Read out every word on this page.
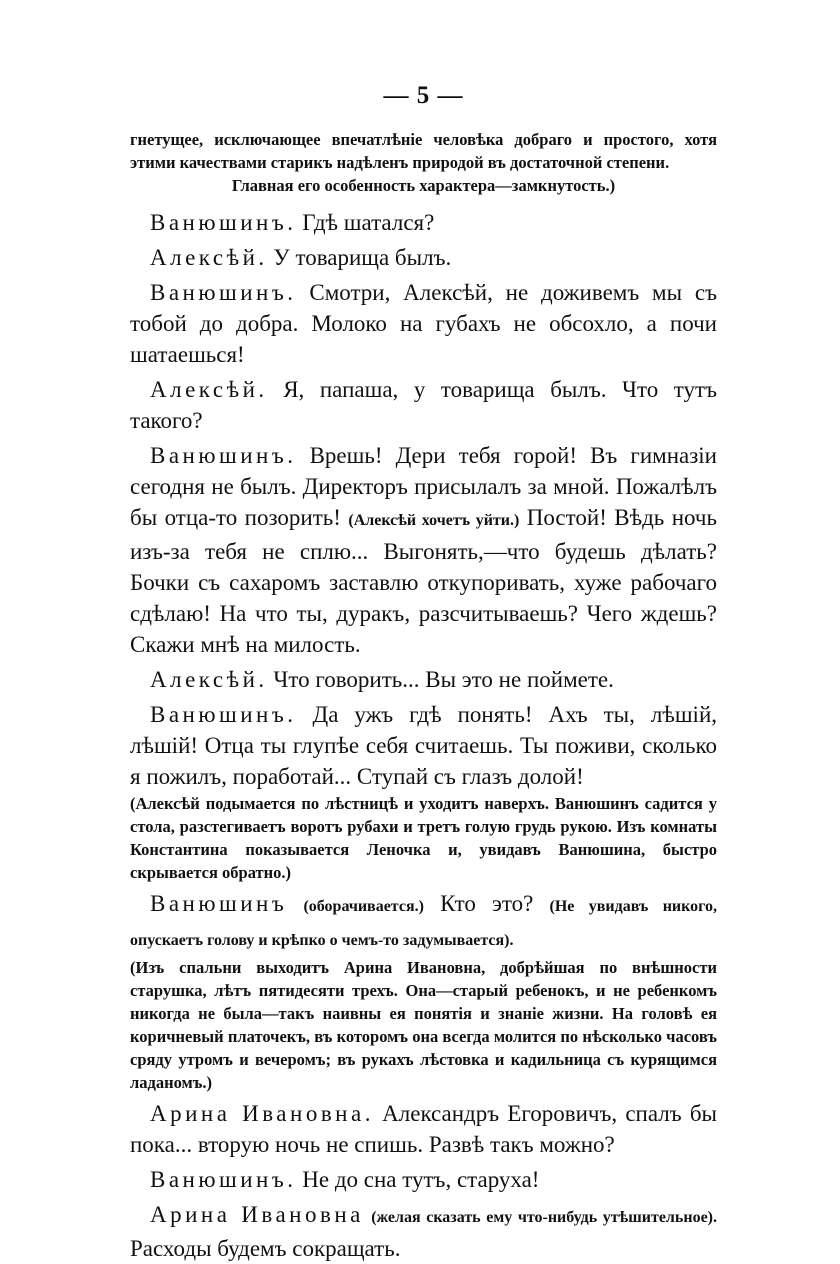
— 5 —

гнетущее, исключающее впечатлѣніе человѣка добраго и простого, хотя этими качествами старикъ надѣленъ природой въ достаточной степени.

Главная его особенность характера—замкнутость.)

Ванюшинъ. Гдѣ шатался?

Алексѣй. У товарища былъ.

Ванюшинъ. Смотри, Алексѣй, не доживемъ мы съ тобой до добра. Молоко на губахъ не обсохло, а почи шатаешься!

Алексѣй. Я, папаша, у товарища былъ. Что тутъ такого?

Ванюшинъ. Врешь! Дери тебя горой! Въ гимназіи сегодня не былъ. Директоръ присылалъ за мной. Пожалѣлъ бы отца-то позорить! (Алексѣй хочетъ уйти.) Постой! Вѣдь ночь изъ-за тебя не сплю... Выгонять,—что будешь дѣлать? Бочки съ сахаромъ заставлю откупоривать, хуже рабочаго сдѣлаю! На что ты, дуракъ, разсчитываешь? Чего ждешь? Скажи мнѣ на милость.

Алексѣй. Что говорить... Вы это не поймете.

Ванюшинъ. Да ужъ гдѣ понять! Ахъ ты, лѣшій, лѣшій! Отца ты глупѣе себя считаешь. Ты поживи, сколько я пожилъ, поработай... Ступай съ глазъ долой!

(Алексѣй подымается по лѣстницѣ и уходитъ наверхъ. Ванюшинъ садится у стола, разстегиваетъ воротъ рубахи и третъ голую грудь рукою. Изъ комнаты Константина показывается Леночка и, увидавъ Ванюшина, быстро скрывается обратно.)

Ванюшинъ (оборачивается.) Кто это? (Не увидавъ никого, опускаетъ голову и крѣпко о чемъ-то задумывается).

(Изъ спальни выходитъ Арина Ивановна, добрѣйшая по внѣшности старушка, лѣтъ пятидесяти трехъ. Она—старый ребенокъ, и не ребенкомъ никогда не была—такъ наивны ея понятія и знаніе жизни. На головѣ ея коричневый платочекъ, въ которомъ она всегда молится по нѣсколько часовъ сряду утромъ и вечеромъ; въ рукахъ лѣстовка и кадильница съ курящимся ладаномъ.)

Арина Ивановна. Александръ Егоровичъ, спалъ бы пока... вторую ночь не спишь. Развѣ такъ можно?

Ванюшинъ. Не до сна тутъ, старуха!

Арина Ивановна (желая сказать ему что-нибудь утѣшительное). Расходы будемъ сокращать.
